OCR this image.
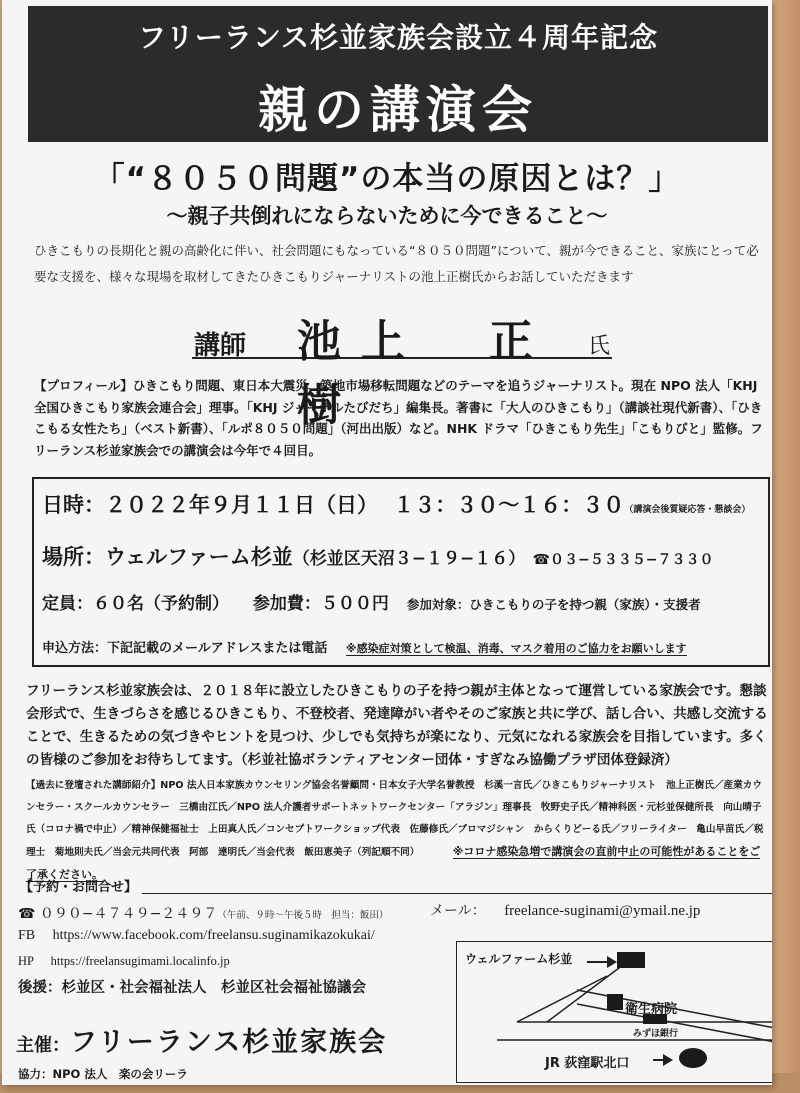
フリーランス杉並家族会設立４周年記念
親の講演会
「“８０５０問題”の本当の原因とは？」
～親子共倒れにならないために今できること～
ひきこもりの長期化と親の高齢化に伴い、社会問題にもなっている“８０５０問題”について、親が今できること、家族にとって必要な支援を、様々な現場を取材してきたひきこもりジャーナリストの池上正樹氏からお話していただきます
講師 池上　正樹
氏
【プロフィール】ひきこもり問題、東日本大震災、築地市場移転問題などのテーマを追うジャーナリスト。現在 NPO 法人「KHJ 全国ひきこもり家族会連合会」理事。「KHJ ジャーナルたびだち」編集長。著書に「大人のひきこもり」（講談社現代新書）、「ひきこもる女性たち」（ベスト新書）、「ルポ８０５０問題」（河出出版）など。NHK ドラマ「ひきこもり先生」「こもりびと」監修。フリーランス杉並家族会での講演会は今年で４回目。
日時：２０２２年９月１１日（日） １３：３０～１６：３０（講演会後質疑応答・懇談会）
場所：ウェルファーム杉並（杉並区天沼３−１９−１６） ☎０３−５３３５−７３３０
定員：６０名（予約制） 参加費：５００円 参加対象：ひきこもりの子を持つ親（家族）・支援者
申込方法：下記記載のメールアドレスまたは電話 ※感染症対策として検温、消毒、マスク着用のご協力をお願いします
フリーランス杉並家族会は、２０１８年に設立したひきこもりの子を持つ親が主体となって運営している家族会です。懇談会形式で、生きづらさを感じるひきこもり、不登校者、発達障がい者やそのご家族と共に学び、話し合い、共感し交流することで、生きるための気づきやヒントを見つけ、少しでも気持ちが楽になり、元気になれる家族会を目指しています。多くの皆様のご参加をお待ちしてます。（杉並社協ボランティアセンター団体・すぎなみ協働プラザ団体登録済）
【過去に登壇された講師紹介】NPO 法人日本家族カウンセリング協会名誉顧問・日本女子大学名誉教授　杉溪一言氏／ひきこもりジャーナリスト　池上正樹氏／産業カウンセラー・スクールカウンセラー　三橋由江氏／NPO 法人介護者サポートネットワークセンター「アラジン」理事長　牧野史子氏／精神科医・元杉並保健所長　向山晴子氏（コロナ禍で中止）／精神保健福祉士　上田真人氏／コンセプトワークショップ代表　佐藤修氏／ブロマジシャン　からくりどーる氏／フリーライター　亀山早苗氏／税理士　菊地則夫氏／当会元共同代表　阿部　達明氏／当会代表　飯田恵美子（列記順不同）	※コロナ感染急増で講演会の直前中止の可能性があることをご了承ください。
【予約・お問合せ】
☎ ０９０−４７４９−２４９７（午前、９時～午後５時　担当：飯田）	メール： freelance-suginami@ymail.ne.jp
FB https://www.facebook.com/freelansu.suginamikazokukai/
HP https://freelansugimami.localinfo.jp
後援：杉並区・社会福祉法人　杉並区社会福祉協議会
主催：フリーランス杉並家族会
協力：NPO 法人　楽の会リーラ
ウェルファーム杉並
衛生病院
みずほ銀行
JR 荻窪駅北口
